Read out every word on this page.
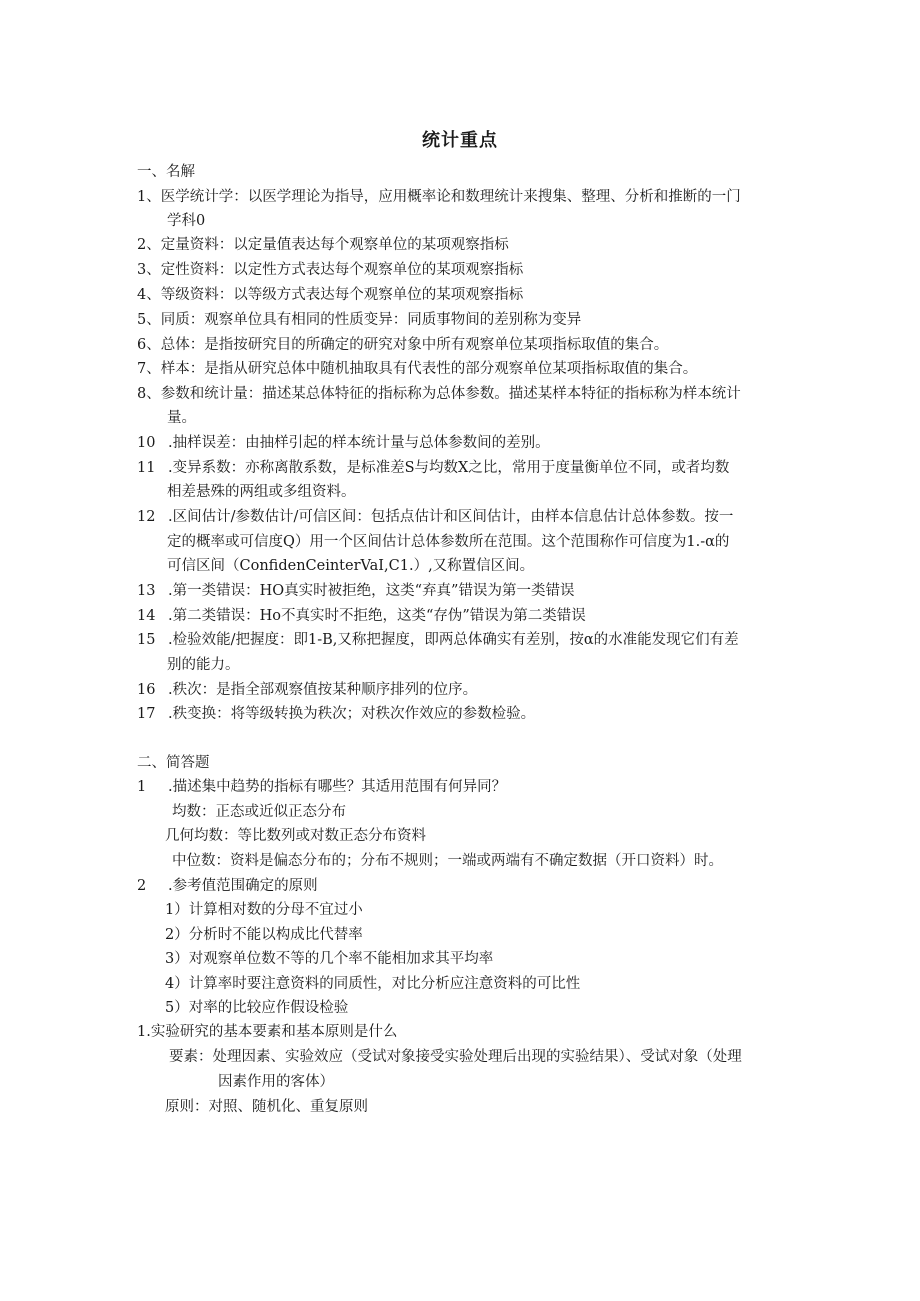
统计重点
一、名解
1、医学统计学：以医学理论为指导，应用概率论和数理统计来搜集、整理、分析和推断的一门
学科0
2、定量资料：以定量值表达每个观察单位的某项观察指标
3、定性资料：以定性方式表达每个观察单位的某项观察指标
4、等级资料：以等级方式表达每个观察单位的某项观察指标
5、同质：观察单位具有相同的性质变异：同质事物间的差别称为变异
6、总体：是指按研究目的所确定的研究对象中所有观察单位某项指标取值的集合。
7、样本：是指从研究总体中随机抽取具有代表性的部分观察单位某项指标取值的集合。
8、参数和统计量：描述某总体特征的指标称为总体参数。描述某样本特征的指标称为样本统计
量。
10 .抽样误差：由抽样引起的样本统计量与总体参数间的差别。
11 .变异系数：亦称离散系数，是标准差S与均数X之比，常用于度量衡单位不同，或者均数
相差悬殊的两组或多组资料。
12 .区间估计/参数估计/可信区间：包括点估计和区间估计，由样本信息估计总体参数。按一
定的概率或可信度Q）用一个区间估计总体参数所在范围。这个范围称作可信度为1.-α的
可信区间（ConfidenCeinterVaI,C1.）,又称置信区间。
13 .第一类错误：HO真实时被拒绝，这类“弃真”错误为第一类错误
14 .第二类错误：Ho不真实时不拒绝，这类“存伪”错误为第二类错误
15 .检验效能/把握度：即1-B,又称把握度，即两总体确实有差别，按α的水准能发现它们有差
别的能力。
16 .秩次：是指全部观察值按某种顺序排列的位序。
17 .秩变换：将等级转换为秩次；对秩次作效应的参数检验。
二、简答题
1 .描述集中趋势的指标有哪些？其适用范围有何异同？
均数：正态或近似正态分布
几何均数：等比数列或对数正态分布资料
中位数：资料是偏态分布的；分布不规则；一端或两端有不确定数据（开口资料）时。
2 .参考值范围确定的原则
1）计算相对数的分母不宜过小
2）分析时不能以构成比代替率
3）对观察单位数不等的几个率不能相加求其平均率
4）计算率时要注意资料的同质性，对比分析应注意资料的可比性
5）对率的比较应作假设检验
1.实验研究的基本要素和基本原则是什么
要素：处理因素、实验效应（受试对象接受实验处理后出现的实验结果）、受试对象（处理
因素作用的客体）
原则：对照、随机化、重复原则
